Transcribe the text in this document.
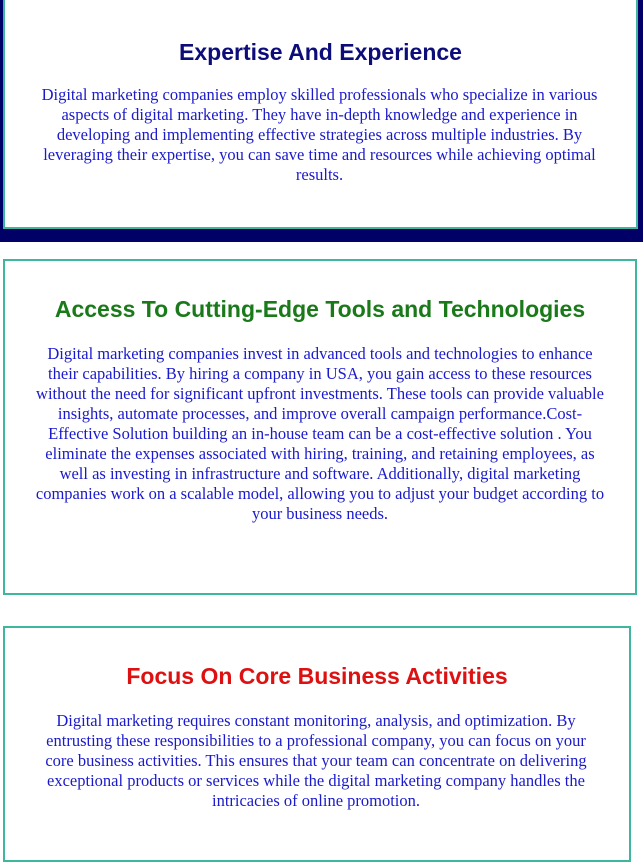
Expertise And Experience

Digital marketing companies employ skilled professionals who specialize in various aspects of digital marketing. They have in-depth knowledge and experience in developing and implementing effective strategies across multiple industries. By leveraging their expertise, you can save time and resources while achieving optimal results.

Access To Cutting-Edge Tools and Technologies

Digital marketing companies invest in advanced tools and technologies to enhance their capabilities. By hiring a company in USA, you gain access to these resources without the need for significant upfront investments. These tools can provide valuable insights, automate processes, and improve overall campaign performance.Cost-Effective Solution building an in-house team can be a cost-effective solution . You eliminate the expenses associated with hiring, training, and retaining employees, as well as investing in infrastructure and software. Additionally, digital marketing companies work on a scalable model, allowing you to adjust your budget according to your business needs.

Focus On Core Business Activities

Digital marketing requires constant monitoring, analysis, and optimization. By entrusting these responsibilities to a professional company, you can focus on your core business activities. This ensures that your team can concentrate on delivering exceptional products or services while the digital marketing company handles the intricacies of online promotion.
